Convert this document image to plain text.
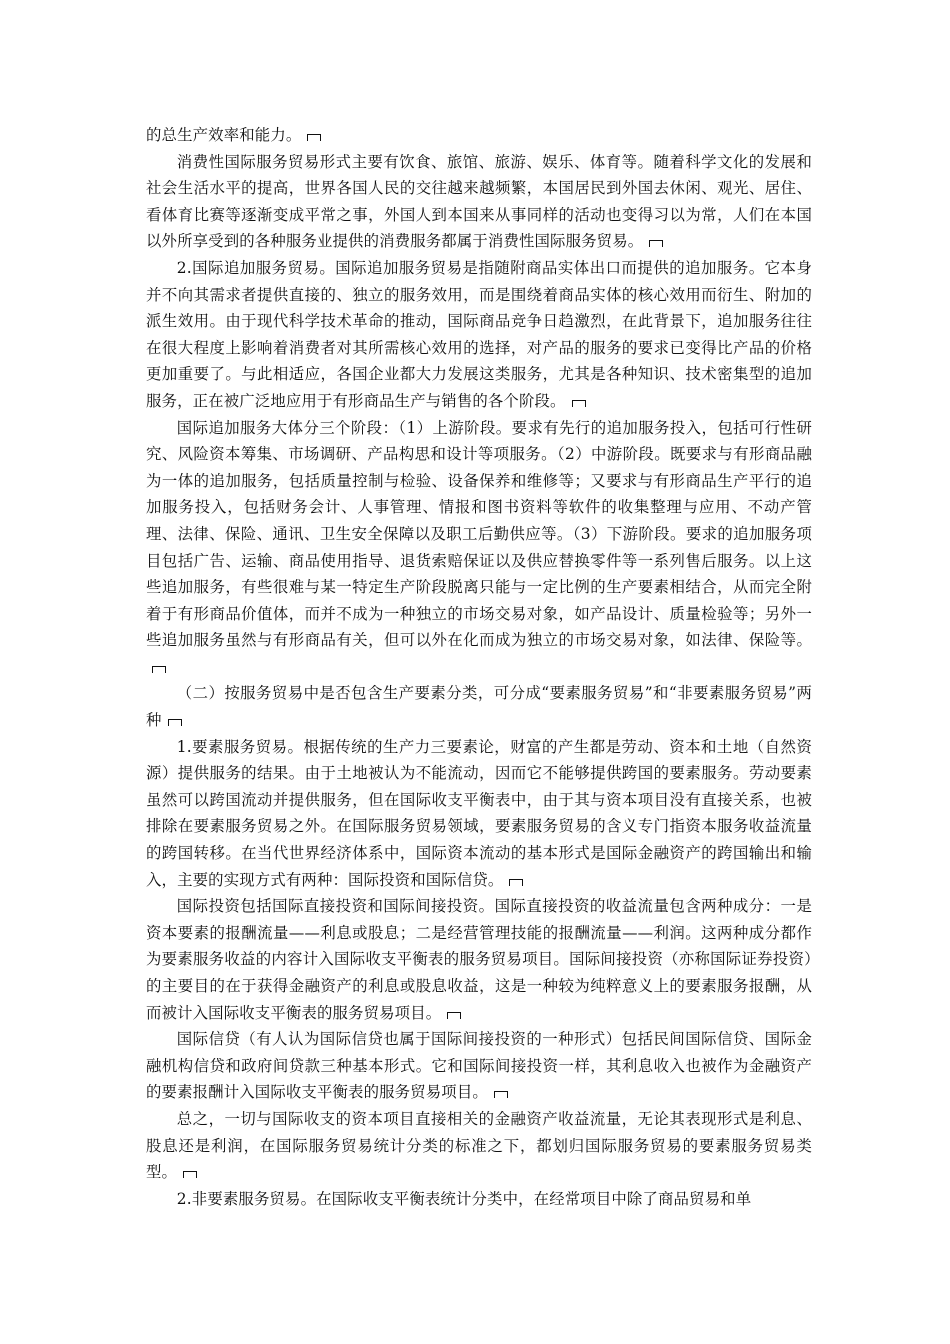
的总生产效率和能力。

消费性国际服务贸易形式主要有饮食、旅馆、旅游、娱乐、体育等。随着科学文化的发展和社会生活水平的提高，世界各国人民的交往越来越频繁，本国居民到外国去休闲、观光、居住、看体育比赛等逐渐变成平常之事，外国人到本国来从事同样的活动也变得习以为常，人们在本国以外所享受到的各种服务业提供的消费服务都属于消费性国际服务贸易。

2.国际追加服务贸易。国际追加服务贸易是指随附商品实体出口而提供的追加服务。它本身并不向其需求者提供直接的、独立的服务效用，而是围绕着商品实体的核心效用而衍生、附加的派生效用。由于现代科学技术革命的推动，国际商品竞争日趋激烈，在此背景下，追加服务往往在很大程度上影响着消费者对其所需核心效用的选择，对产品的服务的要求已变得比产品的价格更加重要了。与此相适应，各国企业都大力发展这类服务，尤其是各种知识、技术密集型的追加服务，正在被广泛地应用于有形商品生产与销售的各个阶段。

国际追加服务大体分三个阶段：（1）上游阶段。要求有先行的追加服务投入，包括可行性研究、风险资本筹集、市场调研、产品构思和设计等项服务。（2）中游阶段。既要求与有形商品融为一体的追加服务，包括质量控制与检验、设备保养和维修等；又要求与有形商品生产平行的追加服务投入，包括财务会计、人事管理、情报和图书资料等软件的收集整理与应用、不动产管理、法律、保险、通讯、卫生安全保障以及职工后勤供应等。（3）下游阶段。要求的追加服务项目包括广告、运输、商品使用指导、退货索赔保证以及供应替换零件等一系列售后服务。以上这些追加服务，有些很难与某一特定生产阶段脱离只能与一定比例的生产要素相结合，从而完全附着于有形商品价值体，而并不成为一种独立的市场交易对象，如产品设计、质量检验等；另外一些追加服务虽然与有形商品有关，但可以外在化而成为独立的市场交易对象，如法律、保险等。

（二）按服务贸易中是否包含生产要素分类，可分成“要素服务贸易”和“非要素服务贸易”两种

1.要素服务贸易。根据传统的生产力三要素论，财富的产生都是劳动、资本和土地（自然资源）提供服务的结果。由于土地被认为不能流动，因而它不能够提供跨国的要素服务。劳动要素虽然可以跨国流动并提供服务，但在国际收支平衡表中，由于其与资本项目没有直接关系，也被排除在要素服务贸易之外。在国际服务贸易领域，要素服务贸易的含义专门指资本服务收益流量的跨国转移。在当代世界经济体系中，国际资本流动的基本形式是国际金融资产的跨国输出和输入，主要的实现方式有两种：国际投资和国际信贷。

国际投资包括国际直接投资和国际间接投资。国际直接投资的收益流量包含两种成分：一是资本要素的报酬流量——利息或股息；二是经营管理技能的报酬流量——利润。这两种成分都作为要素服务收益的内容计入国际收支平衡表的服务贸易项目。国际间接投资（亦称国际证券投资）的主要目的在于获得金融资产的利息或股息收益，这是一种较为纯粹意义上的要素服务报酬，从而被计入国际收支平衡表的服务贸易项目。

国际信贷（有人认为国际信贷也属于国际间接投资的一种形式）包括民间国际信贷、国际金融机构信贷和政府间贷款三种基本形式。它和国际间接投资一样，其利息收入也被作为金融资产的要素报酬计入国际收支平衡表的服务贸易项目。

总之，一切与国际收支的资本项目直接相关的金融资产收益流量，无论其表现形式是利息、股息还是利润，在国际服务贸易统计分类的标准之下，都划归国际服务贸易的要素服务贸易类型。

2.非要素服务贸易。在国际收支平衡表统计分类中，在经常项目中除了商品贸易和单
